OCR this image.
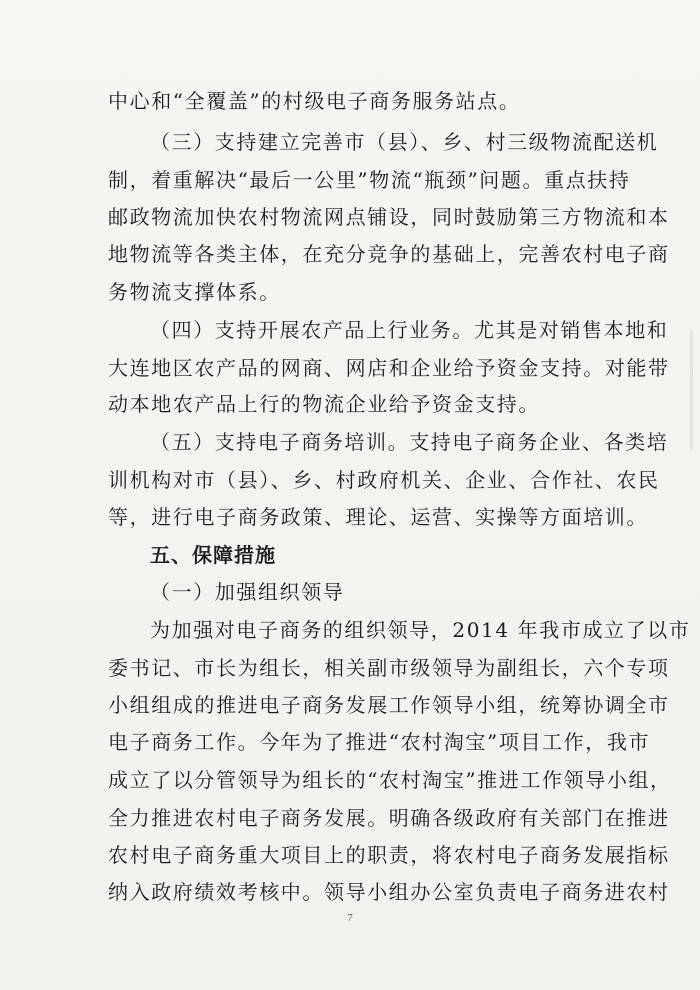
中心和“全覆盖”的村级电子商务服务站点。
（三）支持建立完善市（县）、乡、村三级物流配送机
制，着重解决“最后一公里”物流“瓶颈”问题。重点扶持
邮政物流加快农村物流网点铺设，同时鼓励第三方物流和本
地物流等各类主体，在充分竞争的基础上，完善农村电子商
务物流支撑体系。
（四）支持开展农产品上行业务。尤其是对销售本地和
大连地区农产品的网商、网店和企业给予资金支持。对能带
动本地农产品上行的物流企业给予资金支持。
（五）支持电子商务培训。支持电子商务企业、各类培
训机构对市（县）、乡、村政府机关、企业、合作社、农民
等，进行电子商务政策、理论、运营、实操等方面培训。
五、保障措施
（一）加强组织领导
为加强对电子商务的组织领导，2014 年我市成立了以市
委书记、市长为组长，相关副市级领导为副组长，六个专项
小组组成的推进电子商务发展工作领导小组，统筹协调全市
电子商务工作。今年为了推进“农村淘宝”项目工作，我市
成立了以分管领导为组长的“农村淘宝”推进工作领导小组，
全力推进农村电子商务发展。明确各级政府有关部门在推进
农村电子商务重大项目上的职责，将农村电子商务发展指标
纳入政府绩效考核中。领导小组办公室负责电子商务进农村
7
